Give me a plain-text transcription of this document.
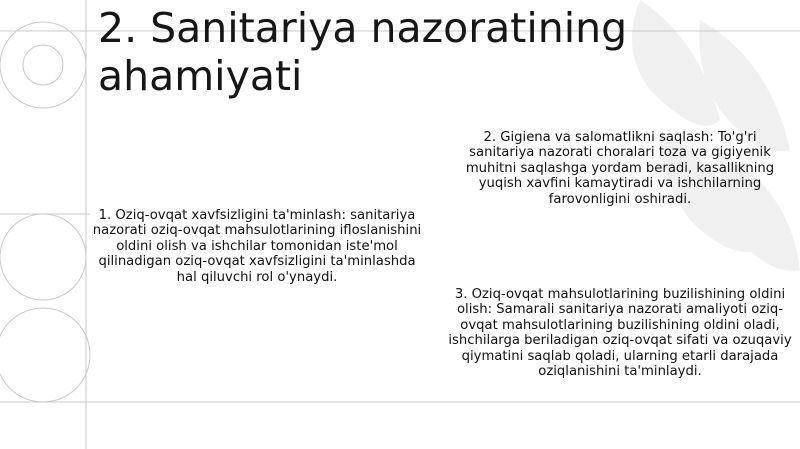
2. Sanitariya nazoratining ahamiyati

1. Oziq-ovqat xavfsizligini ta'minlash: sanitariya nazorati oziq-ovqat mahsulotlarining ifloslanishini oldini olish va ishchilar tomonidan iste'mol qilinadigan oziq-ovqat xavfsizligini ta'minlashda hal qiluvchi rol o'ynaydi.

2. Gigiena va salomatlikni saqlash: To'g'ri sanitariya nazorati choralari toza va gigiyenik muhitni saqlashga yordam beradi, kasallikning yuqish xavfini kamaytiradi va ishchilarning farovonligini oshiradi.

3. Oziq-ovqat mahsulotlarining buzilishining oldini olish: Samarali sanitariya nazorati amaliyoti oziq-ovqat mahsulotlarining buzilishining oldini oladi, ishchilarga beriladigan oziq-ovqat sifati va ozuqaviy qiymatini saqlab qoladi, ularning etarli darajada oziqlanishini ta'minlaydi.
